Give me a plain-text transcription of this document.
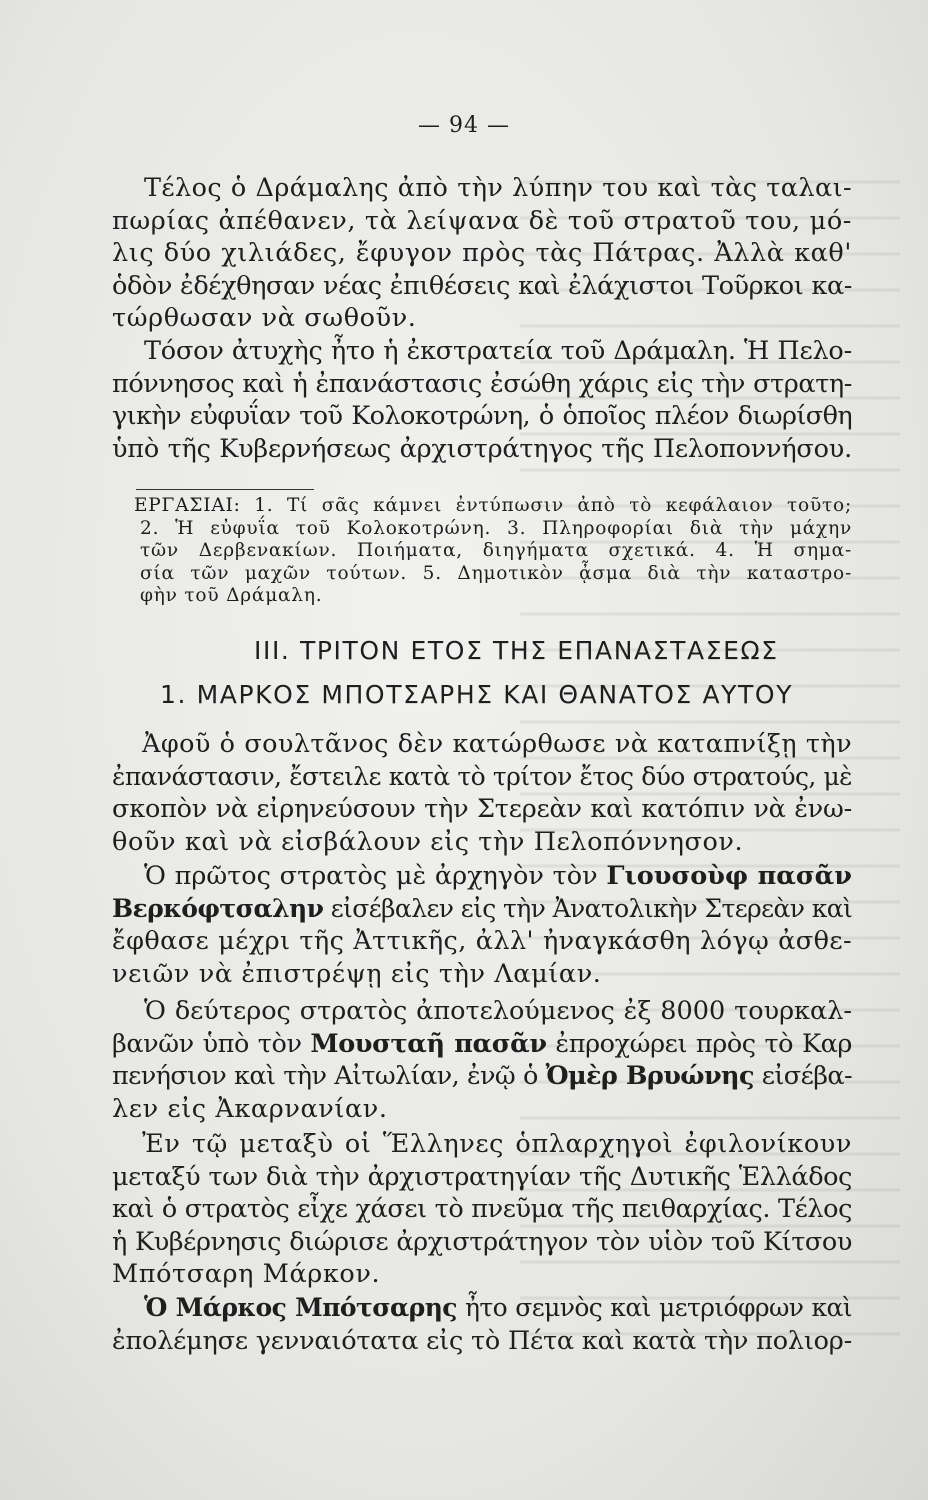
— 94 —
Τέλος ὁ Δράμαλης ἀπὸ τὴν λύπην του καὶ τὰς ταλαι-
πωρίας ἀπέθανεν, τὰ λείψανα δὲ τοῦ στρατοῦ του, μό-
λις δύο χιλιάδες, ἔφυγον πρὸς τὰς Πάτρας. Ἀλλὰ καθ'
ὁδὸν ἐδέχθησαν νέας ἐπιθέσεις καὶ ἐλάχιστοι Τοῦρκοι κα-
τώρθωσαν νὰ σωθοῦν.
Τόσον ἀτυχὴς ἦτο ἡ ἐκστρατεία τοῦ Δράμαλη. Ἡ Πελο-
πόννησος καὶ ἡ ἐπανάστασις ἐσώθη χάρις εἰς τὴν στρατη-
γικὴν εὐφυΐαν τοῦ Κολοκοτρώνη, ὁ ὁποῖος πλέον διωρίσθη
ὑπὸ τῆς Κυβερνήσεως ἀρχιστράτηγος τῆς Πελοποννήσου.
ΕΡΓΑΣΙΑΙ: 1. Τί σᾶς κάμνει ἐντύπωσιν ἀπὸ τὸ κεφάλαιον τοῦτο;
2. Ἡ εὐφυΐα τοῦ Κολοκοτρώνη. 3. Πληροφορίαι διὰ τὴν μάχην
τῶν Δερβενακίων. Ποιήματα, διηγήματα σχετικά. 4. Ἡ σημα-
σία τῶν μαχῶν τούτων. 5. Δημοτικὸν ᾆσμα διὰ τὴν καταστρο-
φὴν τοῦ Δράμαλη.
III. ΤΡΙΤΟΝ ΕΤΟΣ ΤΗΣ ΕΠΑΝΑΣΤΑΣΕΩΣ
1. ΜΑΡΚΟΣ ΜΠΟΤΣΑΡΗΣ ΚΑΙ ΘΑΝΑΤΟΣ ΑΥΤΟΥ
Ἀφοῦ ὁ σουλτᾶνος δὲν κατώρθωσε νὰ καταπνίξῃ τὴν
ἐπανάστασιν, ἔστειλε κατὰ τὸ τρίτον ἔτος δύο στρατούς, μὲ
σκοπὸν νὰ εἰρηνεύσουν τὴν Στερεὰν καὶ κατόπιν νὰ ἐνω-
θοῦν καὶ νὰ εἰσβάλουν εἰς τὴν Πελοπόννησον.
Ὁ πρῶτος στρατὸς μὲ ἀρχηγὸν τὸν Γιουσοὺφ πασᾶν
Βερκόφτσαλην εἰσέβαλεν εἰς τὴν Ἀνατολικὴν Στερεὰν καὶ
ἔφθασε μέχρι τῆς Ἀττικῆς, ἀλλ' ἠναγκάσθη λόγῳ ἀσθε-
νειῶν νὰ ἐπιστρέψῃ εἰς τὴν Λαμίαν.
Ὁ δεύτερος στρατὸς ἀποτελούμενος ἐξ 8000 τουρκαλ-
βανῶν ὑπὸ τὸν Μουσταῆ πασᾶν ἐπροχώρει πρὸς τὸ Καρ
πενήσιον καὶ τὴν Αἰτωλίαν, ἐνῷ ὁ Ὀμὲρ Βρυώνης εἰσέβα-
λεν εἰς Ἀκαρνανίαν.
Ἐν τῷ μεταξὺ οἱ Ἕλληνες ὁπλαρχηγοὶ ἐφιλονίκουν
μεταξύ των διὰ τὴν ἀρχιστρατηγίαν τῆς Δυτικῆς Ἑλλάδος
καὶ ὁ στρατὸς εἶχε χάσει τὸ πνεῦμα τῆς πειθαρχίας. Τέλος
ἡ Κυβέρνησις διώρισε ἀρχιστράτηγον τὸν υἱὸν τοῦ Κίτσου
Μπότσαρη Μάρκον.
Ὁ Μάρκος Μπότσαρης ἦτο σεμνὸς καὶ μετριόφρων καὶ
ἐπολέμησε γενναιότατα εἰς τὸ Πέτα καὶ κατὰ τὴν πολιορ-
